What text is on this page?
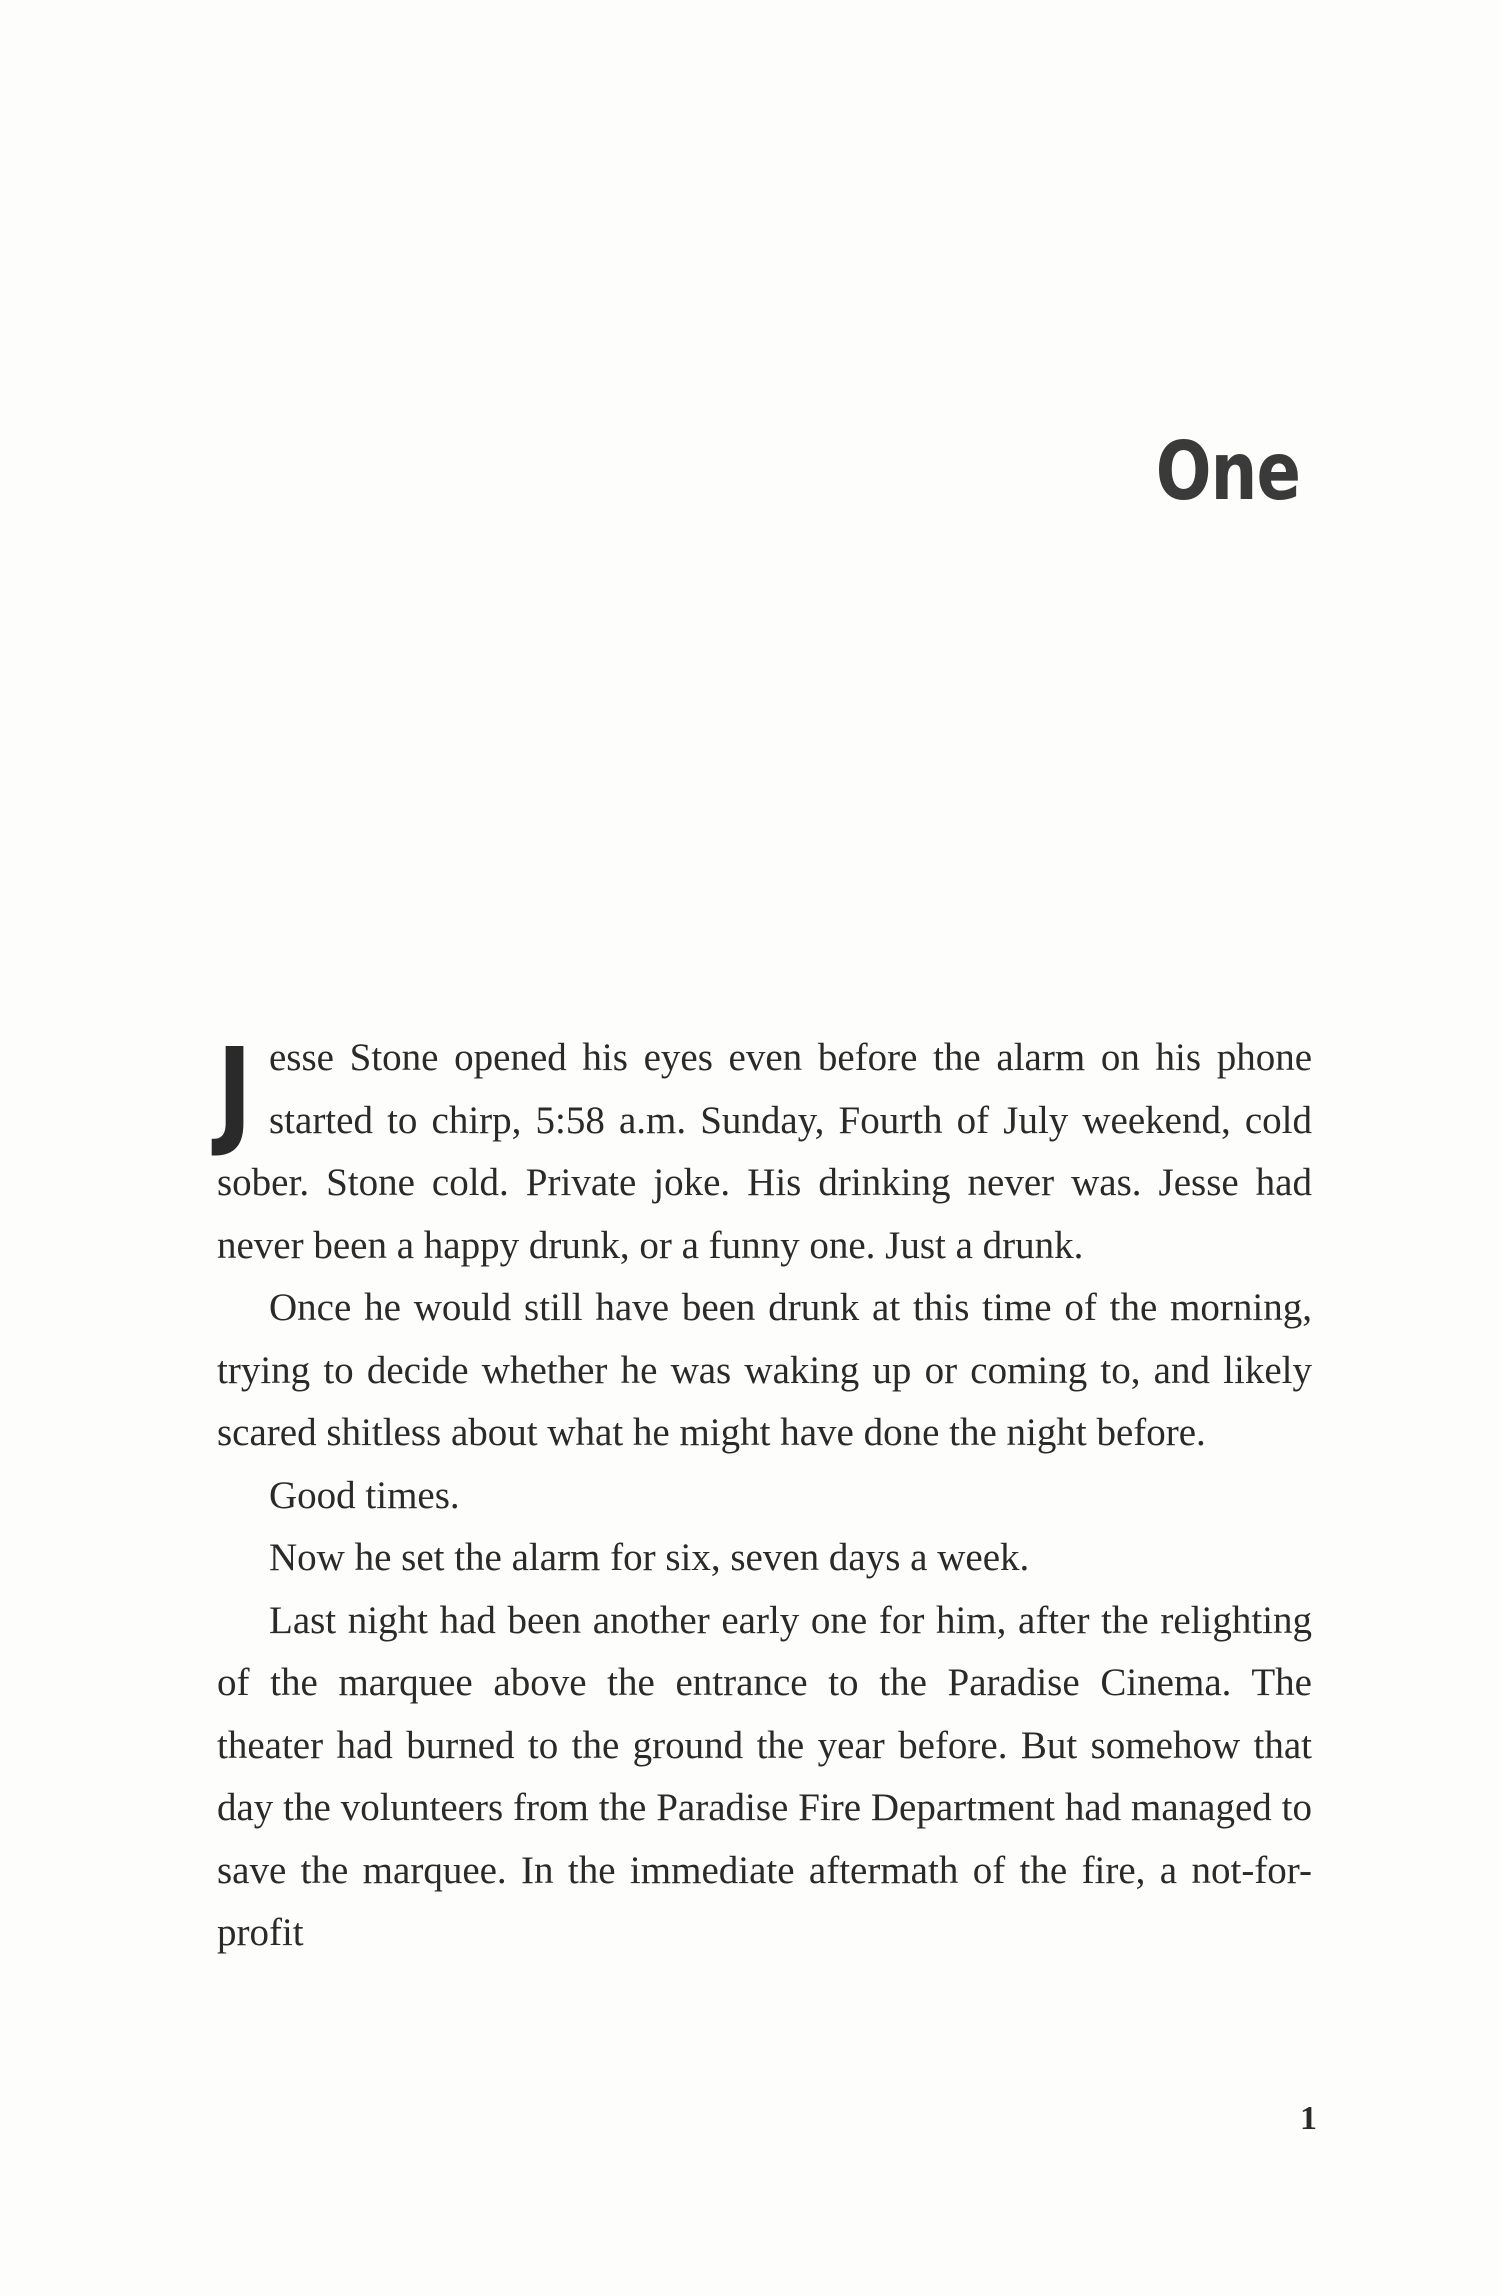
One

Jesse Stone opened his eyes even before the alarm on his phone started to chirp, 5:58 a.m. Sunday, Fourth of July weekend, cold sober. Stone cold. Private joke. His drinking never was. Jesse had never been a happy drunk, or a funny one. Just a drunk.

Once he would still have been drunk at this time of the morning, trying to decide whether he was waking up or coming to, and likely scared shitless about what he might have done the night before.

Good times.

Now he set the alarm for six, seven days a week.

Last night had been another early one for him, after the relighting of the marquee above the entrance to the Paradise Cinema. The theater had burned to the ground the year before. But somehow that day the volunteers from the Paradise Fire Department had managed to save the marquee. In the immediate aftermath of the fire, a not-for-profit

1
